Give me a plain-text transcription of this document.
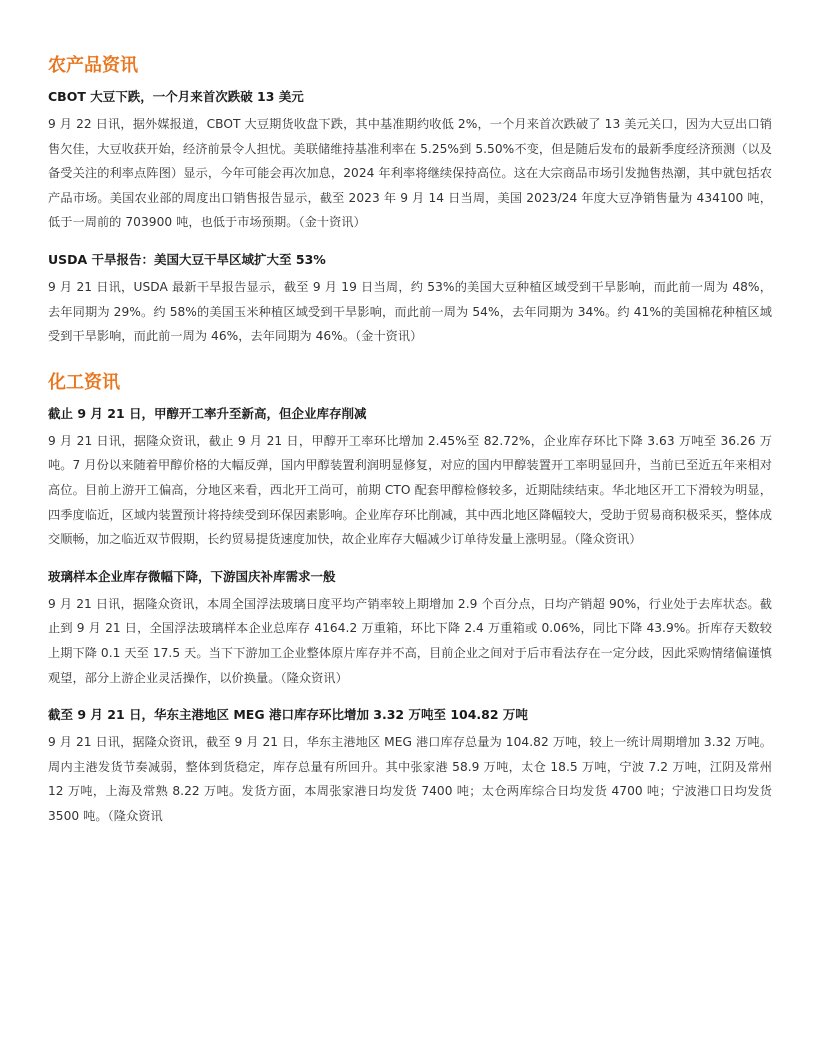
农产品资讯
CBOT 大豆下跌，一个月来首次跌破 13 美元

9 月 22 日讯，据外媒报道，CBOT 大豆期货收盘下跌，其中基准期约收低 2%，一个月来首次跌破了 13 美元关口，因为大豆出口销售欠佳，大豆收获开始，经济前景令人担忧。美联储维持基准利率在 5.25%到 5.50%不变，但是随后发布的最新季度经济预测（以及备受关注的利率点阵图）显示，今年可能会再次加息，2024 年利率将继续保持高位。这在大宗商品市场引发抛售热潮，其中就包括农产品市场。美国农业部的周度出口销售报告显示，截至 2023 年 9 月 14 日当周，美国 2023/24 年度大豆净销售量为 434100 吨，低于一周前的 703900 吨，也低于市场预期。（金十资讯）

USDA 干旱报告：美国大豆干旱区域扩大至 53%

9 月 21 日讯，USDA 最新干旱报告显示，截至 9 月 19 日当周，约 53%的美国大豆种植区域受到干旱影响，而此前一周为 48%，去年同期为 29%。约 58%的美国玉米种植区域受到干旱影响，而此前一周为 54%，去年同期为 34%。约 41%的美国棉花种植区域受到干旱影响，而此前一周为 46%，去年同期为 46%。（金十资讯）

化工资讯
截止 9 月 21 日，甲醇开工率升至新高，但企业库存削减

9 月 21 日讯，据隆众资讯，截止 9 月 21 日，甲醇开工率环比增加 2.45%至 82.72%，企业库存环比下降 3.63 万吨至 36.26 万吨。7 月份以来随着甲醇价格的大幅反弹，国内甲醇装置利润明显修复，对应的国内甲醇装置开工率明显回升，当前已至近五年来相对高位。目前上游开工偏高，分地区来看，西北开工尚可，前期 CTO 配套甲醇检修较多，近期陆续结束。华北地区开工下滑较为明显，四季度临近，区域内装置预计将持续受到环保因素影响。企业库存环比削减，其中西北地区降幅较大，受助于贸易商积极采买，整体成交顺畅，加之临近双节假期，长约贸易提货速度加快，故企业库存大幅减少订单待发量上涨明显。（隆众资讯）

玻璃样本企业库存微幅下降，下游国庆补库需求一般

9 月 21 日讯，据隆众资讯，本周全国浮法玻璃日度平均产销率较上期增加 2.9 个百分点，日均产销超 90%，行业处于去库状态。截止到 9 月 21 日，全国浮法玻璃样本企业总库存 4164.2 万重箱，环比下降 2.4 万重箱或 0.06%，同比下降 43.9%。折库存天数较上期下降 0.1 天至 17.5 天。当下下游加工企业整体原片库存并不高，目前企业之间对于后市看法存在一定分歧，因此采购情绪偏谨慎观望，部分上游企业灵活操作，以价换量。（隆众资讯）

截至 9 月 21 日，华东主港地区 MEG 港口库存环比增加 3.32 万吨至 104.82 万吨

9 月 21 日讯，据隆众资讯，截至 9 月 21 日，华东主港地区 MEG 港口库存总量为 104.82 万吨，较上一统计周期增加 3.32 万吨。周内主港发货节奏减弱，整体到货稳定，库存总量有所回升。其中张家港 58.9 万吨，太仓 18.5 万吨，宁波 7.2 万吨，江阴及常州 12 万吨，上海及常熟 8.22 万吨。发货方面，本周张家港日均发货 7400 吨；太仓两库综合日均发货 4700 吨；宁波港口日均发货 3500 吨。（隆众资讯
